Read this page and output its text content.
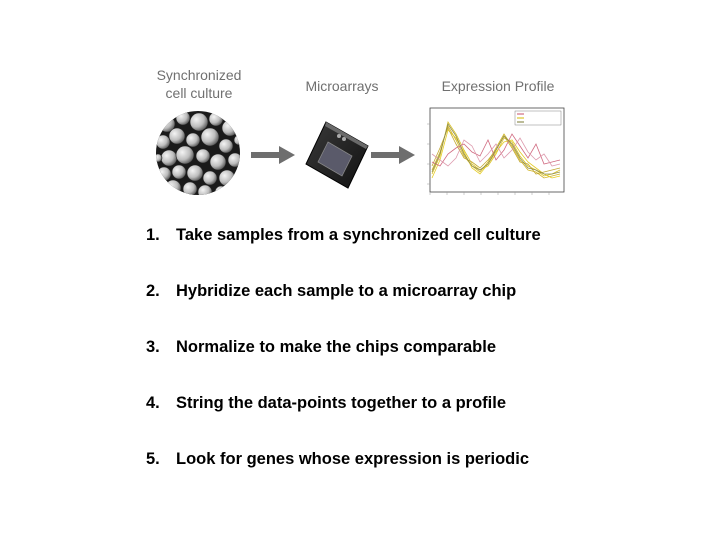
Synchronized
cell culture	Microarrays	Expression Profile
1. Take samples from a synchronized cell culture
2. Hybridize each sample to a microarray chip
3. Normalize to make the chips comparable
4. String the data-points together to a profile
5. Look for genes whose expression is periodic
